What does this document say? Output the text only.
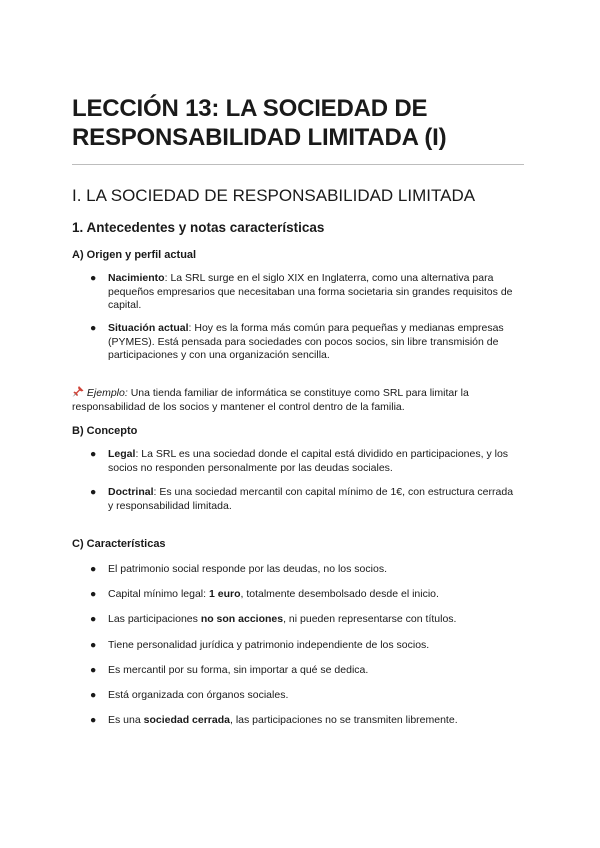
LECCIÓN 13: LA SOCIEDAD DE RESPONSABILIDAD LIMITADA (I)
I. LA SOCIEDAD DE RESPONSABILIDAD LIMITADA
1. Antecedentes y notas características
A) Origen y perfil actual
● Nacimiento: La SRL surge en el siglo XIX en Inglaterra, como una alternativa para pequeños empresarios que necesitaban una forma societaria sin grandes requisitos de capital.
● Situación actual: Hoy es la forma más común para pequeñas y medianas empresas (PYMES). Está pensada para sociedades con pocos socios, sin libre transmisión de participaciones y con una organización sencilla.
Ejemplo: Una tienda familiar de informática se constituye como SRL para limitar la responsabilidad de los socios y mantener el control dentro de la familia.
B) Concepto
● Legal: La SRL es una sociedad donde el capital está dividido en participaciones, y los socios no responden personalmente por las deudas sociales.
● Doctrinal: Es una sociedad mercantil con capital mínimo de 1€, con estructura cerrada y responsabilidad limitada.
C) Características
● El patrimonio social responde por las deudas, no los socios.
● Capital mínimo legal: 1 euro, totalmente desembolsado desde el inicio.
● Las participaciones no son acciones, ni pueden representarse con títulos.
● Tiene personalidad jurídica y patrimonio independiente de los socios.
● Es mercantil por su forma, sin importar a qué se dedica.
● Está organizada con órganos sociales.
● Es una sociedad cerrada, las participaciones no se transmiten libremente.
